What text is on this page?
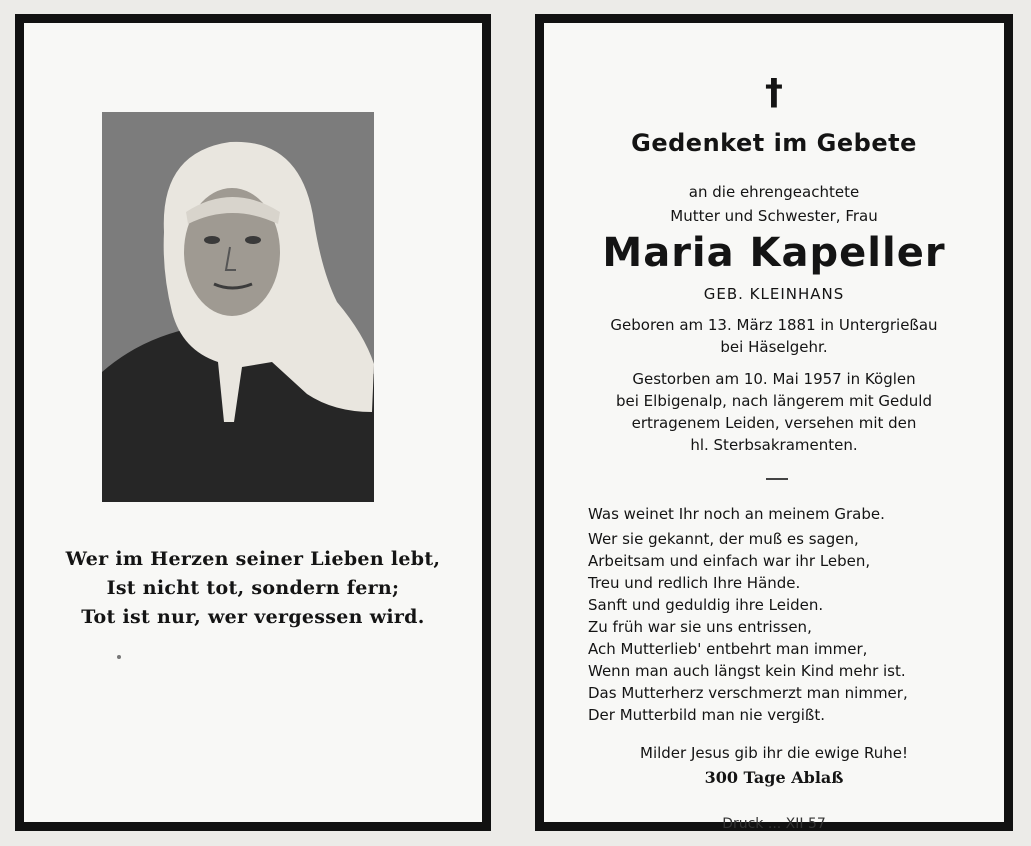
Wer im Herzen seiner Lieben lebt,
Ist nicht tot, sondern fern;
Tot ist nur, wer vergessen wird.
†
Gedenket im Gebete
an die ehrengeachtete
Mutter und Schwester, Frau
Maria Kapeller
GEB. KLEINHANS
Geboren am 13. März 1881 in Untergrießau
bei Häselgehr.
Gestorben am 10. Mai 1957 in Köglen
bei Elbigenalp, nach längerem mit Geduld
ertragenem Leiden, versehen mit den
hl. Sterbsakramenten.
Was weinet Ihr noch an meinem Grabe.
Wer sie gekannt, der muß es sagen,
Arbeitsam und einfach war ihr Leben,
Treu und redlich Ihre Hände.
Sanft und geduldig ihre Leiden.
Zu früh war sie uns entrissen,
Ach Mutterlieb' entbehrt man immer,
Wenn man auch längst kein Kind mehr ist.
Das Mutterherz verschmerzt man nimmer,
Der Mutterbild man nie vergißt.
Milder Jesus gib ihr die ewige Ruhe!
300 Tage Ablaß
Druck ... XII 57
